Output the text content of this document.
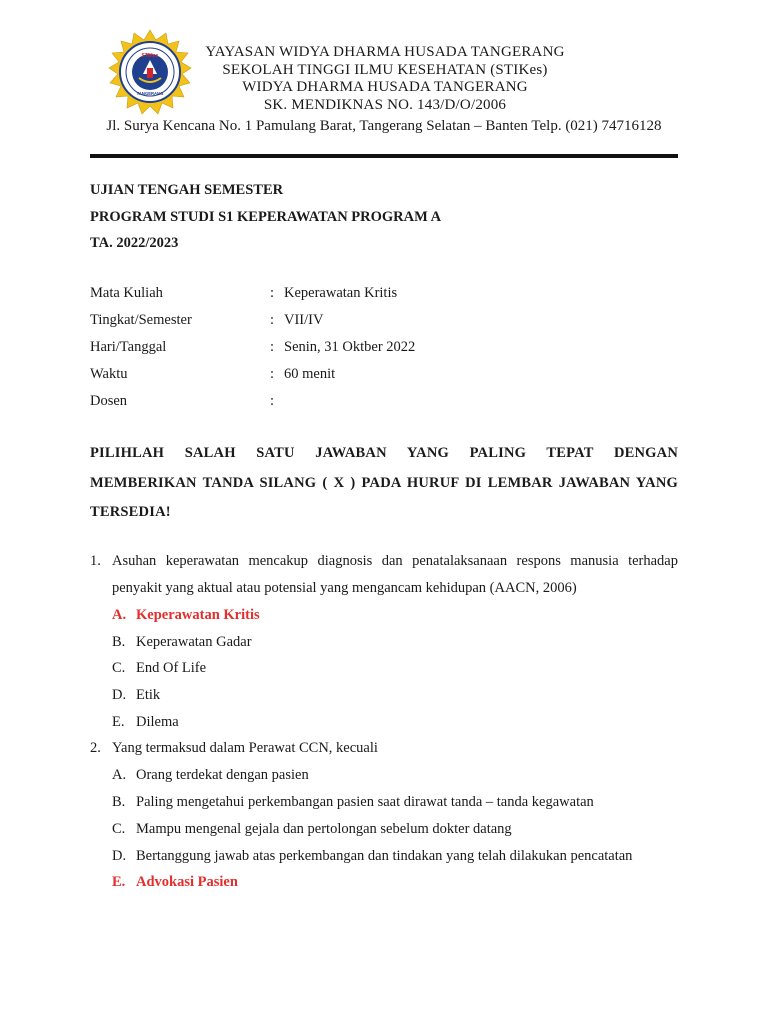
STIKes
TANGERANG
YAYASAN WIDYA DHARMA HUSADA TANGERANG
SEKOLAH TINGGI ILMU KESEHATAN (STIKes)
WIDYA DHARMA HUSADA TANGERANG
SK. MENDIKNAS NO. 143/D/O/2006
Jl. Surya Kencana No. 1 Pamulang Barat, Tangerang Selatan – Banten Telp. (021) 74716128
UJIAN TENGAH SEMESTER
PROGRAM STUDI S1 KEPERAWATAN PROGRAM A
TA. 2022/2023
Mata Kuliah	: Keperawatan Kritis
Tingkat/Semester	: VII/IV
Hari/Tanggal	: Senin, 31 Oktber 2022
Waktu	: 60 menit
Dosen	:
PILIHLAH SALAH SATU JAWABAN YANG PALING TEPAT DENGAN
MEMBERIKAN TANDA SILANG ( X ) PADA HURUF DI LEMBAR JAWABAN YANG
TERSEDIA!
1. Asuhan keperawatan mencakup diagnosis dan penatalaksanaan respons manusia terhadap
penyakit yang aktual atau potensial yang mengancam kehidupan (AACN, 2006)
A. Keperawatan Kritis
B. Keperawatan Gadar
C. End Of Life
D. Etik
E. Dilema
2. Yang termaksud dalam Perawat CCN, kecuali
A. Orang terdekat dengan pasien
B. Paling mengetahui perkembangan pasien saat dirawat tanda – tanda kegawatan
C. Mampu mengenal gejala dan pertolongan sebelum dokter datang
D. Bertanggung jawab atas perkembangan dan tindakan yang telah dilakukan pencatatan
E. Advokasi Pasien
